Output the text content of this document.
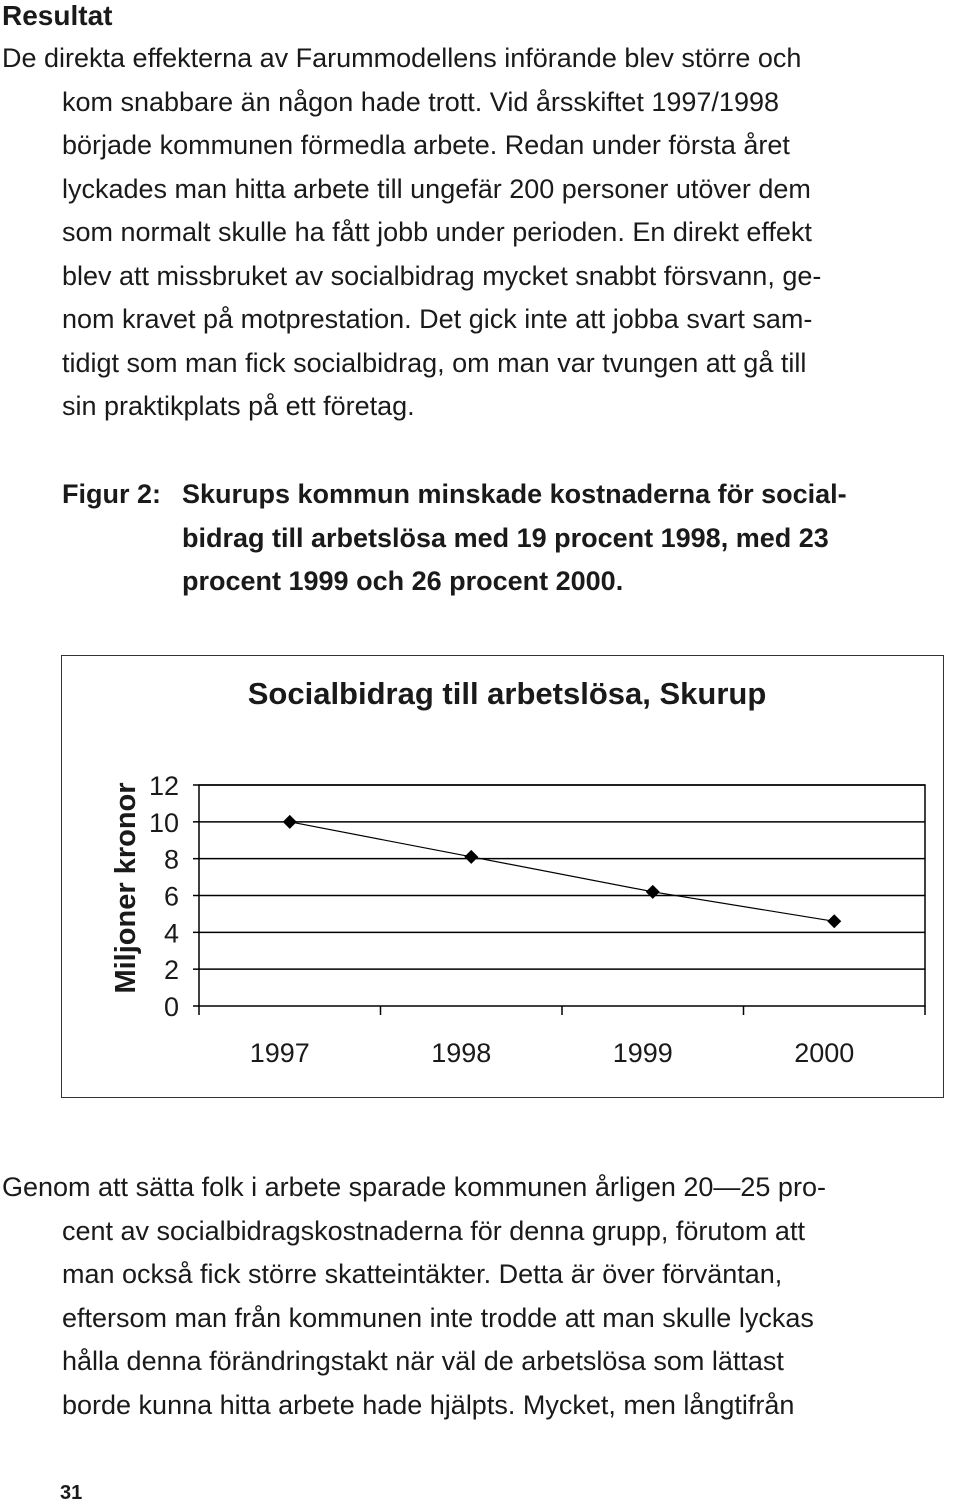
Resultat
De direkta effekterna av Farummodellens införande blev större och
kom snabbare än någon hade trott. Vid årsskiftet 1997/1998
började kommunen förmedla arbete. Redan under första året
lyckades man hitta arbete till ungefär 200 personer utöver dem
som normalt skulle ha fått jobb under perioden. En direkt effekt
blev att missbruket av socialbidrag mycket snabbt försvann, ge-
nom kravet på motprestation. Det gick inte att jobba svart sam-
tidigt som man fick socialbidrag, om man var tvungen att gå till
sin praktikplats på ett företag.
Figur 2: Skurups kommun minskade kostnaderna för social-
bidrag till arbetslösa med 19 procent 1998, med 23
procent 1999 och 26 procent 2000.
Socialbidrag till arbetslösa, Skurup
Miljoner kronor
0
2
4
6
8
10
12
1997	1998	1999	2000
Genom att sätta folk i arbete sparade kommunen årligen 20—25 pro-
cent av socialbidragskostnaderna för denna grupp, förutom att
man också fick större skatteintäkter. Detta är över förväntan,
eftersom man från kommunen inte trodde att man skulle lyckas
hålla denna förändringstakt när väl de arbetslösa som lättast
borde kunna hitta arbete hade hjälpts. Mycket, men långtifrån
31
